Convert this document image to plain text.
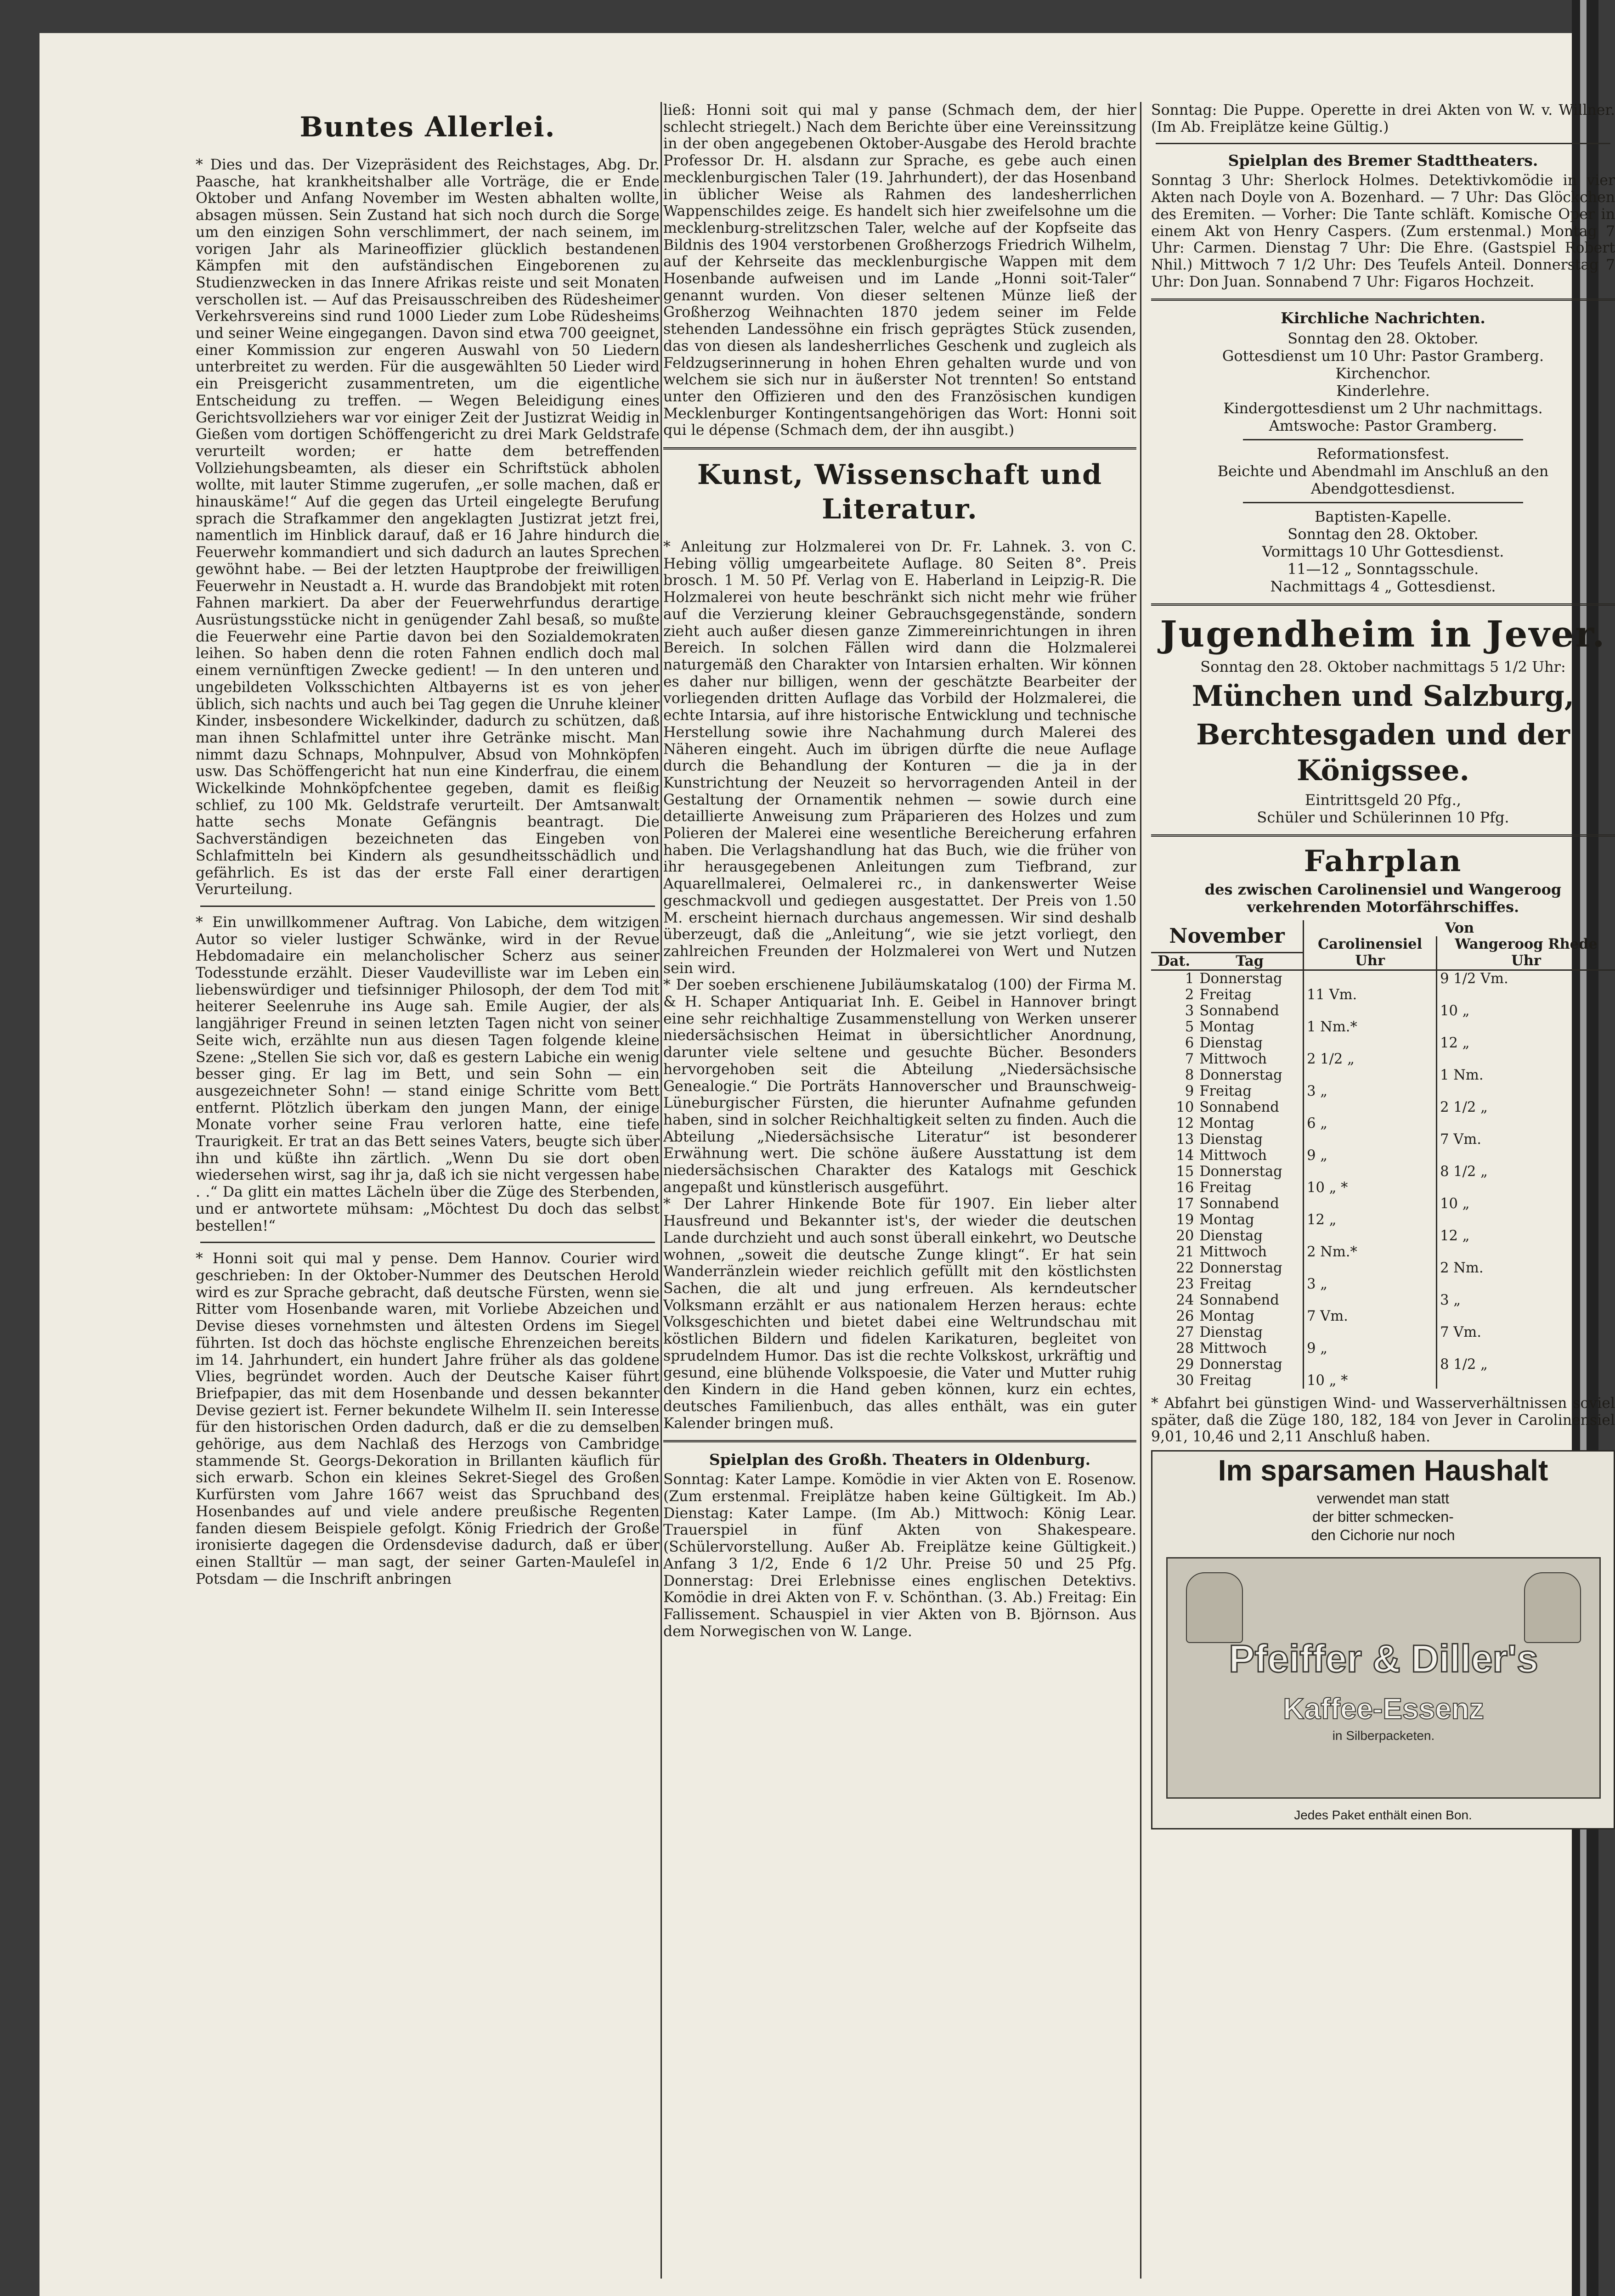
Buntes Allerlei.

* Dies und das. Der Vizepräsident des Reichstages, Abg. Dr. Paasche, hat krankheitshalber alle Vorträge, die er Ende Oktober und Anfang November im Westen abhalten wollte, absagen müssen. Sein Zustand hat sich noch durch die Sorge um den einzigen Sohn verschlimmert, der nach seinem, im vorigen Jahr als Marineoffizier glücklich bestandenen Kämpfen mit den aufständischen Eingeborenen zu Studienzwecken in das Innere Afrikas reiste und seit Monaten verschollen ist. — Auf das Preisausschreiben des Rüdesheimer Verkehrsvereins sind rund 1000 Lieder zum Lobe Rüdesheims und seiner Weine eingegangen. Davon sind etwa 700 geeignet, einer Kommission zur engeren Auswahl von 50 Liedern unterbreitet zu werden. Für die ausgewählten 50 Lieder wird ein Preisgericht zusammentreten, um die eigentliche Entscheidung zu treffen. — Wegen Beleidigung eines Gerichtsvollziehers war vor einiger Zeit der Justizrat Weidig in Gießen vom dortigen Schöffengericht zu drei Mark Geldstrafe verurteilt worden; er hatte dem betreffenden Vollziehungsbeamten, als dieser ein Schriftstück abholen wollte, mit lauter Stimme zugerufen, „er solle machen, daß er hinauskäme!“ Auf die gegen das Urteil eingelegte Berufung sprach die Strafkammer den angeklagten Justizrat jetzt frei, namentlich im Hinblick darauf, daß er 16 Jahre hindurch die Feuerwehr kommandiert und sich dadurch an lautes Sprechen gewöhnt habe. — Bei der letzten Hauptprobe der freiwilligen Feuerwehr in Neustadt a. H. wurde das Brandobjekt mit roten Fahnen markiert. Da aber der Feuerwehrfundus derartige Ausrüstungsstücke nicht in genügender Zahl besaß, so mußte die Feuerwehr eine Partie davon bei den Sozialdemokraten leihen. So haben denn die roten Fahnen endlich doch mal einem vernünftigen Zwecke gedient! — In den unteren und ungebildeten Volksschichten Altbayerns ist es von jeher üblich, sich nachts und auch bei Tag gegen die Unruhe kleiner Kinder, insbesondere Wickelkinder, dadurch zu schützen, daß man ihnen Schlafmittel unter ihre Getränke mischt. Man nimmt dazu Schnaps, Mohnpulver, Absud von Mohnköpfen usw. Das Schöffengericht hat nun eine Kinderfrau, die einem Wickelkinde Mohnköpfchentee gegeben, damit es fleißig schlief, zu 100 Mk. Geldstrafe verurteilt. Der Amtsanwalt hatte sechs Monate Gefängnis beantragt. Die Sachverständigen bezeichneten das Eingeben von Schlafmitteln bei Kindern als gesundheitsschädlich und gefährlich. Es ist das der erste Fall einer derartigen Verurteilung.

* Ein unwillkommener Auftrag. Von Labiche, dem witzigen Autor so vieler lustiger Schwänke, wird in der Revue Hebdomadaire ein melancholischer Scherz aus seiner Todesstunde erzählt. Dieser Vaudevilliste war im Leben ein liebenswürdiger und tiefsinniger Philosoph, der dem Tod mit heiterer Seelenruhe ins Auge sah. Emile Augier, der als langjähriger Freund in seinen letzten Tagen nicht von seiner Seite wich, erzählte nun aus diesen Tagen folgende kleine Szene: „Stellen Sie sich vor, daß es gestern Labiche ein wenig besser ging. Er lag im Bett, und sein Sohn — ein ausgezeichneter Sohn! — stand einige Schritte vom Bett entfernt. Plötzlich überkam den jungen Mann, der einige Monate vorher seine Frau verloren hatte, eine tiefe Traurigkeit. Er trat an das Bett seines Vaters, beugte sich über ihn und küßte ihn zärtlich. „Wenn Du sie dort oben wiedersehen wirst, sag ihr ja, daß ich sie nicht vergessen habe . .“ Da glitt ein mattes Lächeln über die Züge des Sterbenden, und er antwortete mühsam: „Möchtest Du doch das selbst bestellen!“

* Honni soit qui mal y pense. Dem Hannov. Courier wird geschrieben: In der Oktober-Nummer des Deutschen Herold wird es zur Sprache gebracht, daß deutsche Fürsten, wenn sie Ritter vom Hosenbande waren, mit Vorliebe Abzeichen und Devise dieses vornehmsten und ältesten Ordens im Siegel führten. Ist doch das höchste englische Ehrenzeichen bereits im 14. Jahrhundert, ein hundert Jahre früher als das goldene Vlies, begründet worden. Auch der Deutsche Kaiser führt Briefpapier, das mit dem Hosenbande und dessen bekannter Devise geziert ist. Ferner bekundete Wilhelm II. sein Interesse für den historischen Orden dadurch, daß er die zu demselben gehörige, aus dem Nachlaß des Herzogs von Cambridge stammende St. Georgs-Dekoration in Brillanten käuflich für sich erwarb. Schon ein kleines Sekret-Siegel des Großen Kurfürsten vom Jahre 1667 weist das Spruchband des Hosenbandes auf und viele andere preußische Regenten fanden diesem Beispiele gefolgt. König Friedrich der Große ironisierte dagegen die Ordensdevise dadurch, daß er über einen Stalltür — man sagt, der seiner Garten-Mauleſel in Potsdam — die Inschrift anbringen

ließ: Honni soit qui mal y panse (Schmach dem, der hier schlecht striegelt.) Nach dem Berichte über eine Vereinssitzung in der oben angegebenen Oktober-Ausgabe des Herold brachte Professor Dr. H. alsdann zur Sprache, es gebe auch einen mecklenburgischen Taler (19. Jahrhundert), der das Hosenband in üblicher Weise als Rahmen des landesherrlichen Wappenschildes zeige. Es handelt sich hier zweifelsohne um die mecklenburg-strelitzschen Taler, welche auf der Kopfseite das Bildnis des 1904 verstorbenen Großherzogs Friedrich Wilhelm, auf der Kehrseite das mecklenburgische Wappen mit dem Hosenbande aufweisen und im Lande „Honni soit-Taler“ genannt wurden. Von dieser seltenen Münze ließ der Großherzog Weihnachten 1870 jedem seiner im Felde stehenden Landessöhne ein frisch geprägtes Stück zusenden, das von diesen als landesherrliches Geschenk und zugleich als Feldzugserinnerung in hohen Ehren gehalten wurde und von welchem sie sich nur in äußerster Not trennten! So entstand unter den Offizieren und den des Französischen kundigen Mecklenburger Kontingentsangehörigen das Wort: Honni soit qui le dépense (Schmach dem, der ihn ausgibt.)

Kunst, Wissenschaft und Literatur.

* Anleitung zur Holzmalerei von Dr. Fr. Lahnek. 3. von C. Hebing völlig umgearbeitete Auflage. 80 Seiten 8°. Preis brosch. 1 M. 50 Pf. Verlag von E. Haberland in Leipzig-R. Die Holzmalerei von heute beschränkt sich nicht mehr wie früher auf die Verzierung kleiner Gebrauchsgegenstände, sondern zieht auch außer diesen ganze Zimmereinrichtungen in ihren Bereich. In solchen Fällen wird dann die Holzmalerei naturgemäß den Charakter von Intarsien erhalten. Wir können es daher nur billigen, wenn der geschätzte Bearbeiter der vorliegenden dritten Auflage das Vorbild der Holzmalerei, die echte Intarsia, auf ihre historische Entwicklung und technische Herstellung sowie ihre Nachahmung durch Malerei des Näheren eingeht. Auch im übrigen dürfte die neue Auflage durch die Behandlung der Konturen — die ja in der Kunstrichtung der Neuzeit so hervorragenden Anteil in der Gestaltung der Ornamentik nehmen — sowie durch eine detaillierte Anweisung zum Präparieren des Holzes und zum Polieren der Malerei eine wesentliche Bereicherung erfahren haben. Die Verlagshandlung hat das Buch, wie die früher von ihr herausgegebenen Anleitungen zum Tiefbrand, zur Aquarellmalerei, Oelmalerei rc., in dankenswerter Weise geschmackvoll und gediegen ausgestattet. Der Preis von 1.50 M. erscheint hiernach durchaus angemessen. Wir sind deshalb überzeugt, daß die „Anleitung“, wie sie jetzt vorliegt, den zahlreichen Freunden der Holzmalerei von Wert und Nutzen sein wird.

* Der soeben erschienene Jubiläumskatalog (100) der Firma M. & H. Schaper Antiquariat Inh. E. Geibel in Hannover bringt eine sehr reichhaltige Zusammenstellung von Werken unserer niedersächsischen Heimat in übersichtlicher Anordnung, darunter viele seltene und gesuchte Bücher. Besonders hervorgehoben seit die Abteilung „Niedersächsische Genealogie.“ Die Porträts Hannoverscher und Braunschweig-Lüneburgischer Fürsten, die hierunter Aufnahme gefunden haben, sind in solcher Reichhaltigkeit selten zu finden. Auch die Abteilung „Niedersächsische Literatur“ ist besonderer Erwähnung wert. Die schöne äußere Ausstattung ist dem niedersächsischen Charakter des Katalogs mit Geschick angepaßt und künstlerisch ausgeführt.

* Der Lahrer Hinkende Bote für 1907. Ein lieber alter Hausfreund und Bekannter ist's, der wieder die deutschen Lande durchzieht und auch sonst überall einkehrt, wo Deutsche wohnen, „soweit die deutsche Zunge klingt“. Er hat sein Wanderränzlein wieder reichlich gefüllt mit den köstlichsten Sachen, die alt und jung erfreuen. Als kerndeutscher Volksmann erzählt er aus nationalem Herzen heraus: echte Volksgeschichten und bietet dabei eine Weltrundschau mit köstlichen Bildern und fidelen Karikaturen, begleitet von sprudelndem Humor. Das ist die rechte Volkskost, urkräftig und gesund, eine blühende Volkspoesie, die Vater und Mutter ruhig den Kindern in die Hand geben können, kurz ein echtes, deutsches Familienbuch, das alles enthält, was ein guter Kalender bringen muß.

Spielplan des Großh. Theaters in Oldenburg.

Sonntag: Kater Lampe. Komödie in vier Akten von E. Rosenow. (Zum erstenmal. Freiplätze haben keine Gültigkeit. Im Ab.) Dienstag: Kater Lampe. (Im Ab.) Mittwoch: König Lear. Trauerspiel in fünf Akten von Shakespeare. (Schülervorstellung. Außer Ab. Freiplätze keine Gültigkeit.) Anfang 3 1/2, Ende 6 1/2 Uhr. Preise 50 und 25 Pfg. Donnerstag: Drei Erlebnisse eines englischen Detektivs. Komödie in drei Akten von F. v. Schönthan. (3. Ab.) Freitag: Ein Fallissement. Schauspiel in vier Akten von B. Björnson. Aus dem Norwegischen von W. Lange.

Sonntag: Die Puppe. Operette in drei Akten von W. v. Willner. (Im Ab. Freiplätze keine Gültig.)

Spielplan des Bremer Stadttheaters.

Sonntag 3 Uhr: Sherlock Holmes. Detektivkomödie in vier Akten nach Doyle von A. Bozenhard. — 7 Uhr: Das Glöckchen des Eremiten. — Vorher: Die Tante schläft. Komische Oper in einem Akt von Henry Caspers. (Zum erstenmal.) Montag 7 Uhr: Carmen. Dienstag 7 Uhr: Die Ehre. (Gastspiel Robert Nhil.) Mittwoch 7 1/2 Uhr: Des Teufels Anteil. Donnerstag 7 Uhr: Don Juan. Sonnabend 7 Uhr: Figaros Hochzeit.

Kirchliche Nachrichten.

Sonntag den 28. Oktober.

Gottesdienst um 10 Uhr: Pastor Gramberg.

Kirchenchor.

Kinderlehre.

Kindergottesdienst um 2 Uhr nachmittags.

Amtswoche: Pastor Gramberg.

Reformationsfest.

Beichte und Abendmahl im Anschluß an den Abendgottesdienst.

Baptisten-Kapelle.

Sonntag den 28. Oktober.

Vormittags 10 Uhr Gottesdienst.

11—12 „ Sonntagsschule.

Nachmittags 4 „ Gottesdienst.

Jugendheim in Jever.

Sonntag den 28. Oktober nachmittags 5 1/2 Uhr:

München und Salzburg,
Berchtesgaden und der Königssee.

Eintrittsgeld 20 Pfg.,

Schüler und Schülerinnen 10 Pfg.

Fahrplan

des zwischen Carolinensiel und Wangeroog

verkehrenden Motorfährschiffes.

November		Von	
		Carolinensiel	Wangeroog Rhede
Dat.	Tag	Uhr	Uhr
1	Donnerstag		9 1/2 Vm.
2	Freitag	11 Vm.	
3	Sonnabend		10 „
5	Montag	1 Nm.*	
6	Dienstag		12 „
7	Mittwoch	2 1/2 „	
8	Donnerstag		1 Nm.
9	Freitag	3 „	
10	Sonnabend		2 1/2 „
12	Montag	6 „	
13	Dienstag		7 Vm.
14	Mittwoch	9 „	
15	Donnerstag		8 1/2 „
16	Freitag	10 „ *	
17	Sonnabend		10 „
19	Montag	12 „	
20	Dienstag		12 „
21	Mittwoch	2 Nm.*	
22	Donnerstag		2 Nm.
23	Freitag	3 „	
24	Sonnabend		3 „
26	Montag	7 Vm.	
27	Dienstag		7 Vm.
28	Mittwoch	9 „	
29	Donnerstag		8 1/2 „
30	Freitag	10 „ *	

* Abfahrt bei günstigen Wind- und Wasserverhältnissen soviel später, daß die Züge 180, 182, 184 von Jever in Carolinensiel 9,01, 10,46 und 2,11 Anschluß haben.

Im sparsamen Haushalt

verwendet man statt

der bitter schmecken-

den Cichorie nur noch

Pfeiffer & Diller's
Kaffee-Essenz
in Silberpacketen.
Jedes Paket enthält einen Bon.
